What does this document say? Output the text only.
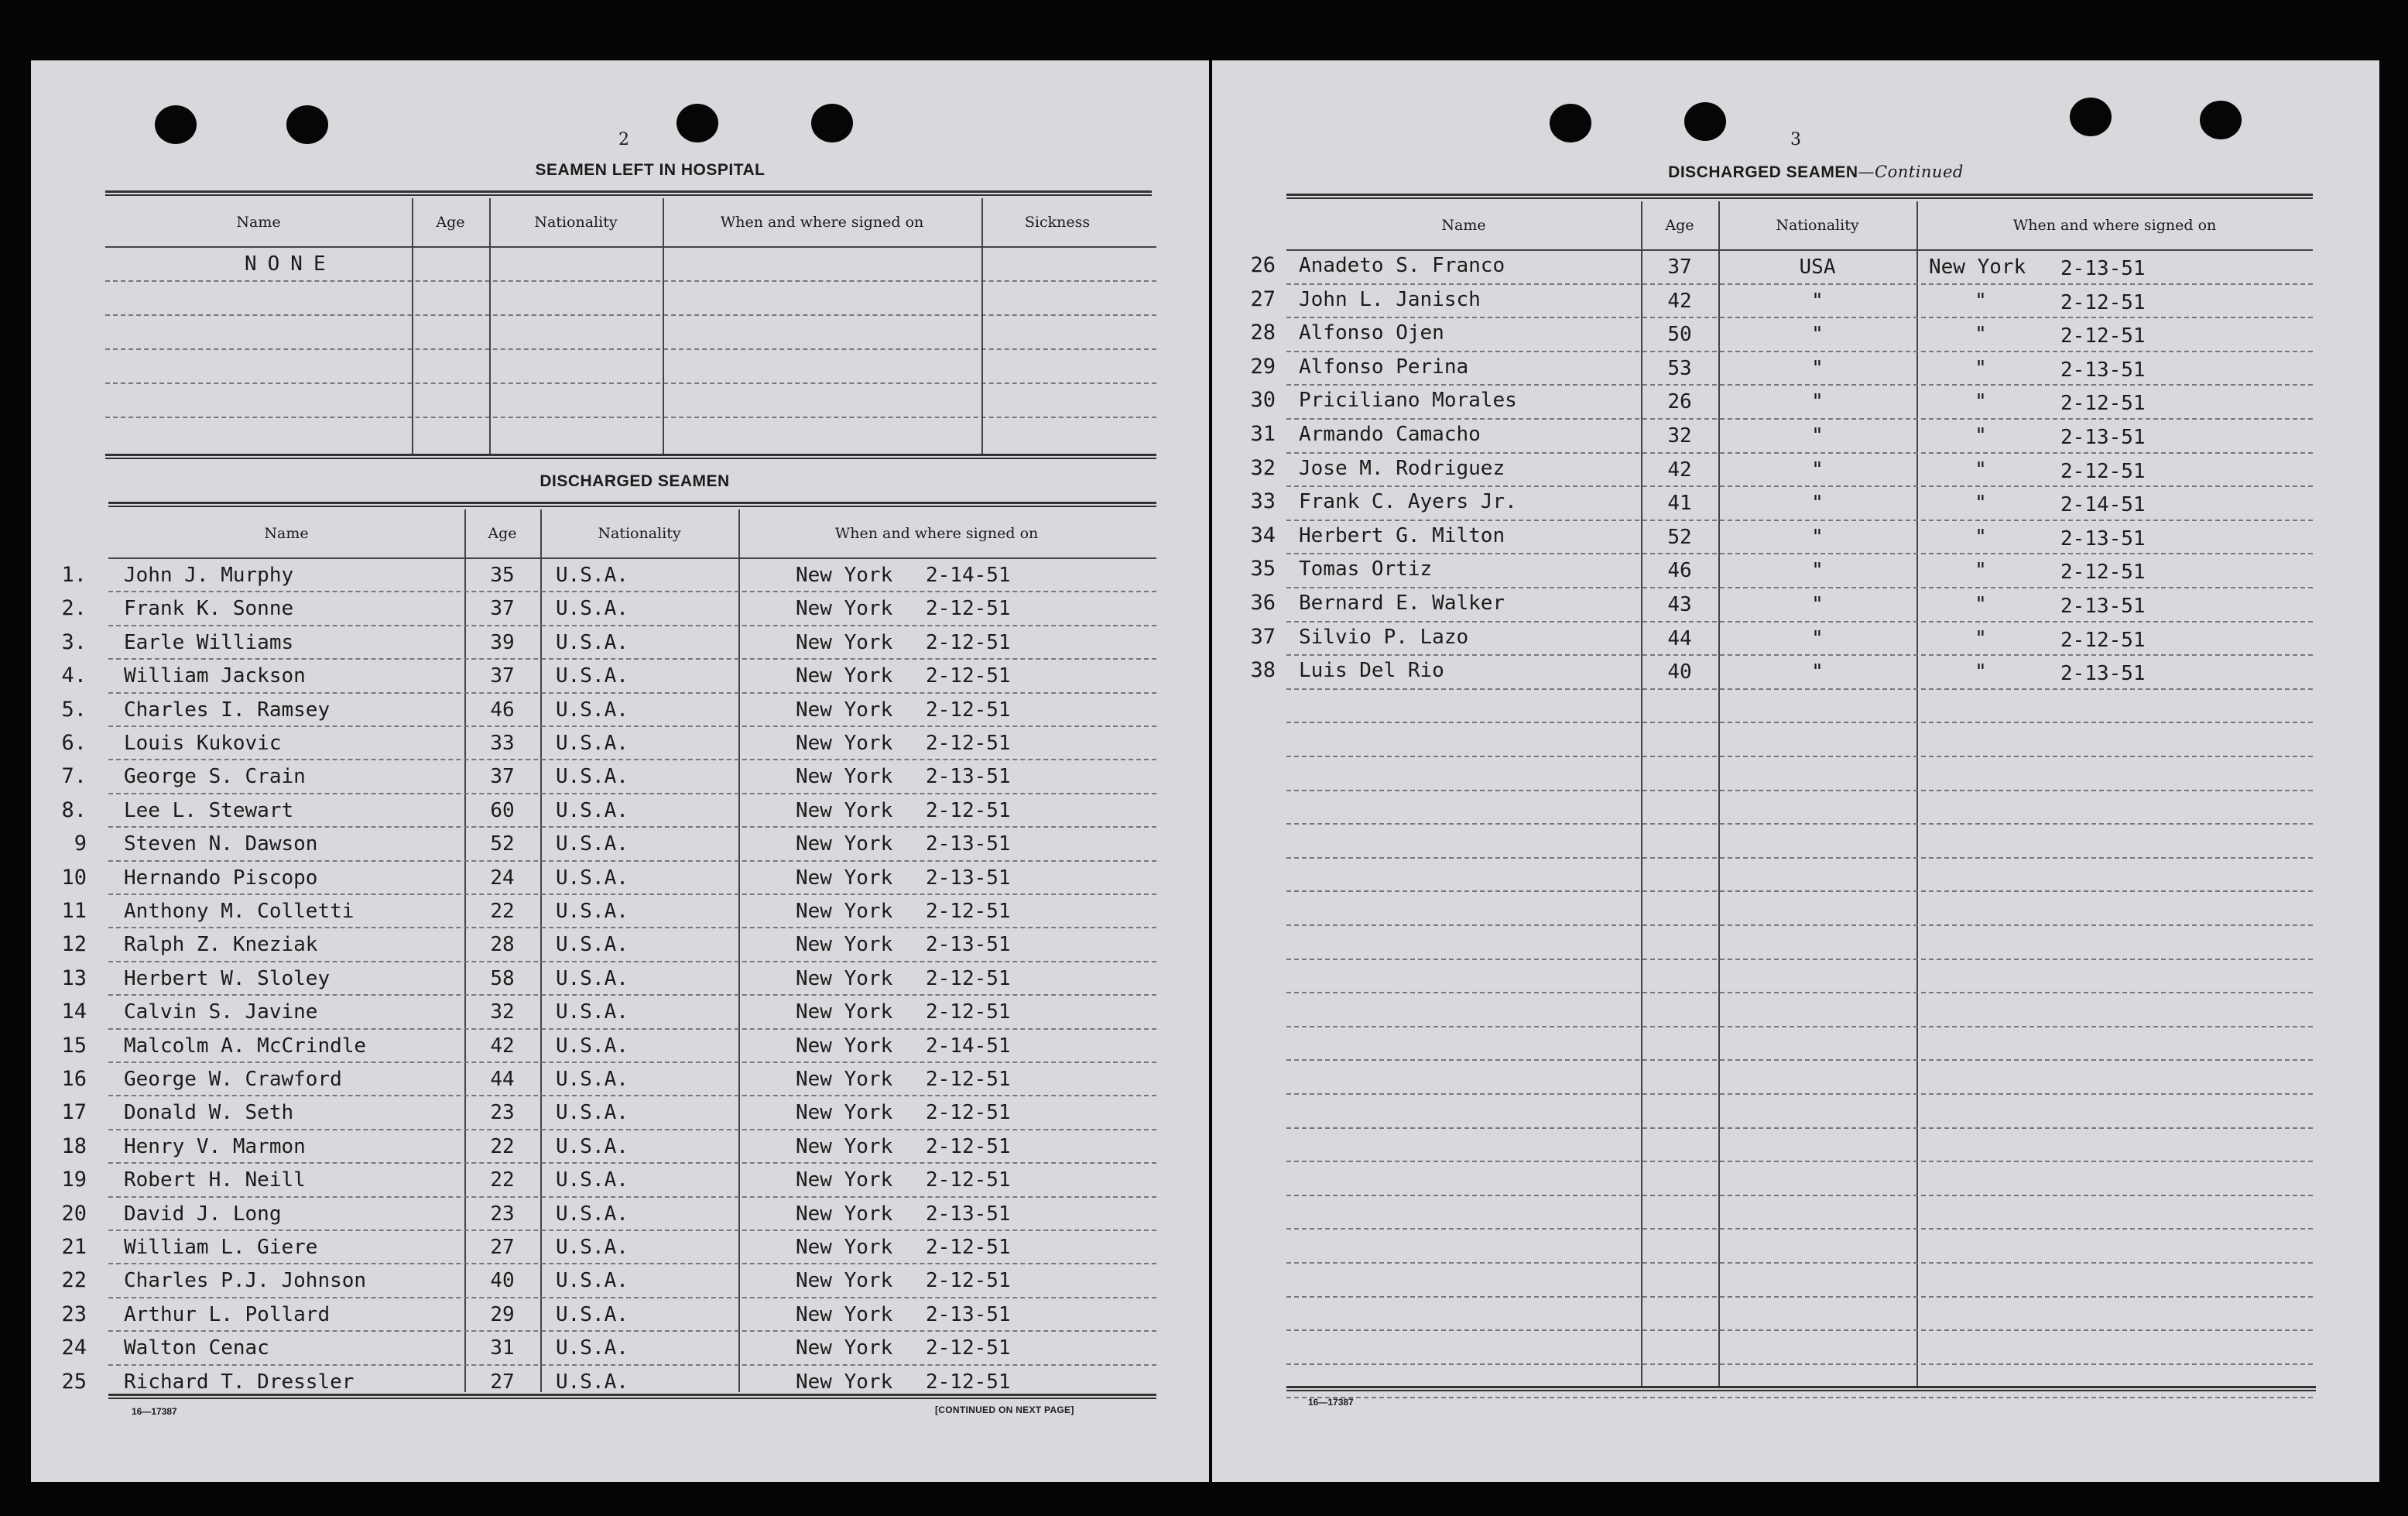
2
SEAMEN LEFT IN HOSPITAL
Name	Age	Nationality	When and where signed on	Sickness
NONE
DISCHARGED SEAMEN
Name	Age	Nationality	When and where signed on
1. John J. Murphy	35	U.S.A.	New York 2-14-51
2. Frank K. Sonne	37	U.S.A.	New York 2-12-51
3. Earle Williams	39	U.S.A.	New York 2-12-51
4. William Jackson	37	U.S.A.	New York 2-12-51
5. Charles I. Ramsey	46	U.S.A.	New York 2-12-51
6. Louis Kukovic	33	U.S.A.	New York 2-12-51
7. George S. Crain	37	U.S.A.	New York 2-13-51
8. Lee L. Stewart	60	U.S.A.	New York 2-12-51
9 Steven N. Dawson	52	U.S.A.	New York 2-13-51
10 Hernando Piscopo	24	U.S.A.	New York 2-13-51
11 Anthony M. Colletti	22	U.S.A.	New York 2-12-51
12 Ralph Z. Kneziak	28	U.S.A.	New York 2-13-51
13 Herbert W. Sloley	58	U.S.A.	New York 2-12-51
14 Calvin S. Javine	32	U.S.A.	New York 2-12-51
15 Malcolm A. McCrindle	42	U.S.A.	New York 2-14-51
16 George W. Crawford	44	U.S.A.	New York 2-12-51
17 Donald W. Seth	23	U.S.A.	New York 2-12-51
18 Henry V. Marmon	22	U.S.A.	New York 2-12-51
19 Robert H. Neill	22	U.S.A.	New York 2-12-51
20 David J. Long	23	U.S.A.	New York 2-13-51
21 William L. Giere	27	U.S.A.	New York 2-12-51
22 Charles P.J. Johnson	40	U.S.A.	New York 2-12-51
23 Arthur L. Pollard	29	U.S.A.	New York 2-13-51
24 Walton Cenac	31	U.S.A.	New York 2-12-51
25 Richard T. Dressler	27	U.S.A.	New York 2-12-51
16—17387	[CONTINUED ON NEXT PAGE]
3
DISCHARGED SEAMEN—Continued
Name	Age	Nationality	When and where signed on
26 Anadeto S. Franco	37	USA	New York 2-13-51
27 John L. Janisch	42	"	"	2-12-51
28 Alfonso Ojen	50	"	"	2-12-51
29 Alfonso Perina	53	"	"	2-13-51
30 Priciliano Morales	26	"	"	2-12-51
31 Armando Camacho	32	"	"	2-13-51
32 Jose M. Rodriguez	42	"	"	2-12-51
33 Frank C. Ayers Jr.	41	"	"	2-14-51
34 Herbert G. Milton	52	"	"	2-13-51
35 Tomas Ortiz	46	"	"	2-12-51
36 Bernard E. Walker	43	"	"	2-13-51
37 Silvio P. Lazo	44	"	"	2-12-51
38 Luis Del Rio	40	"	"	2-13-51
16—17387
